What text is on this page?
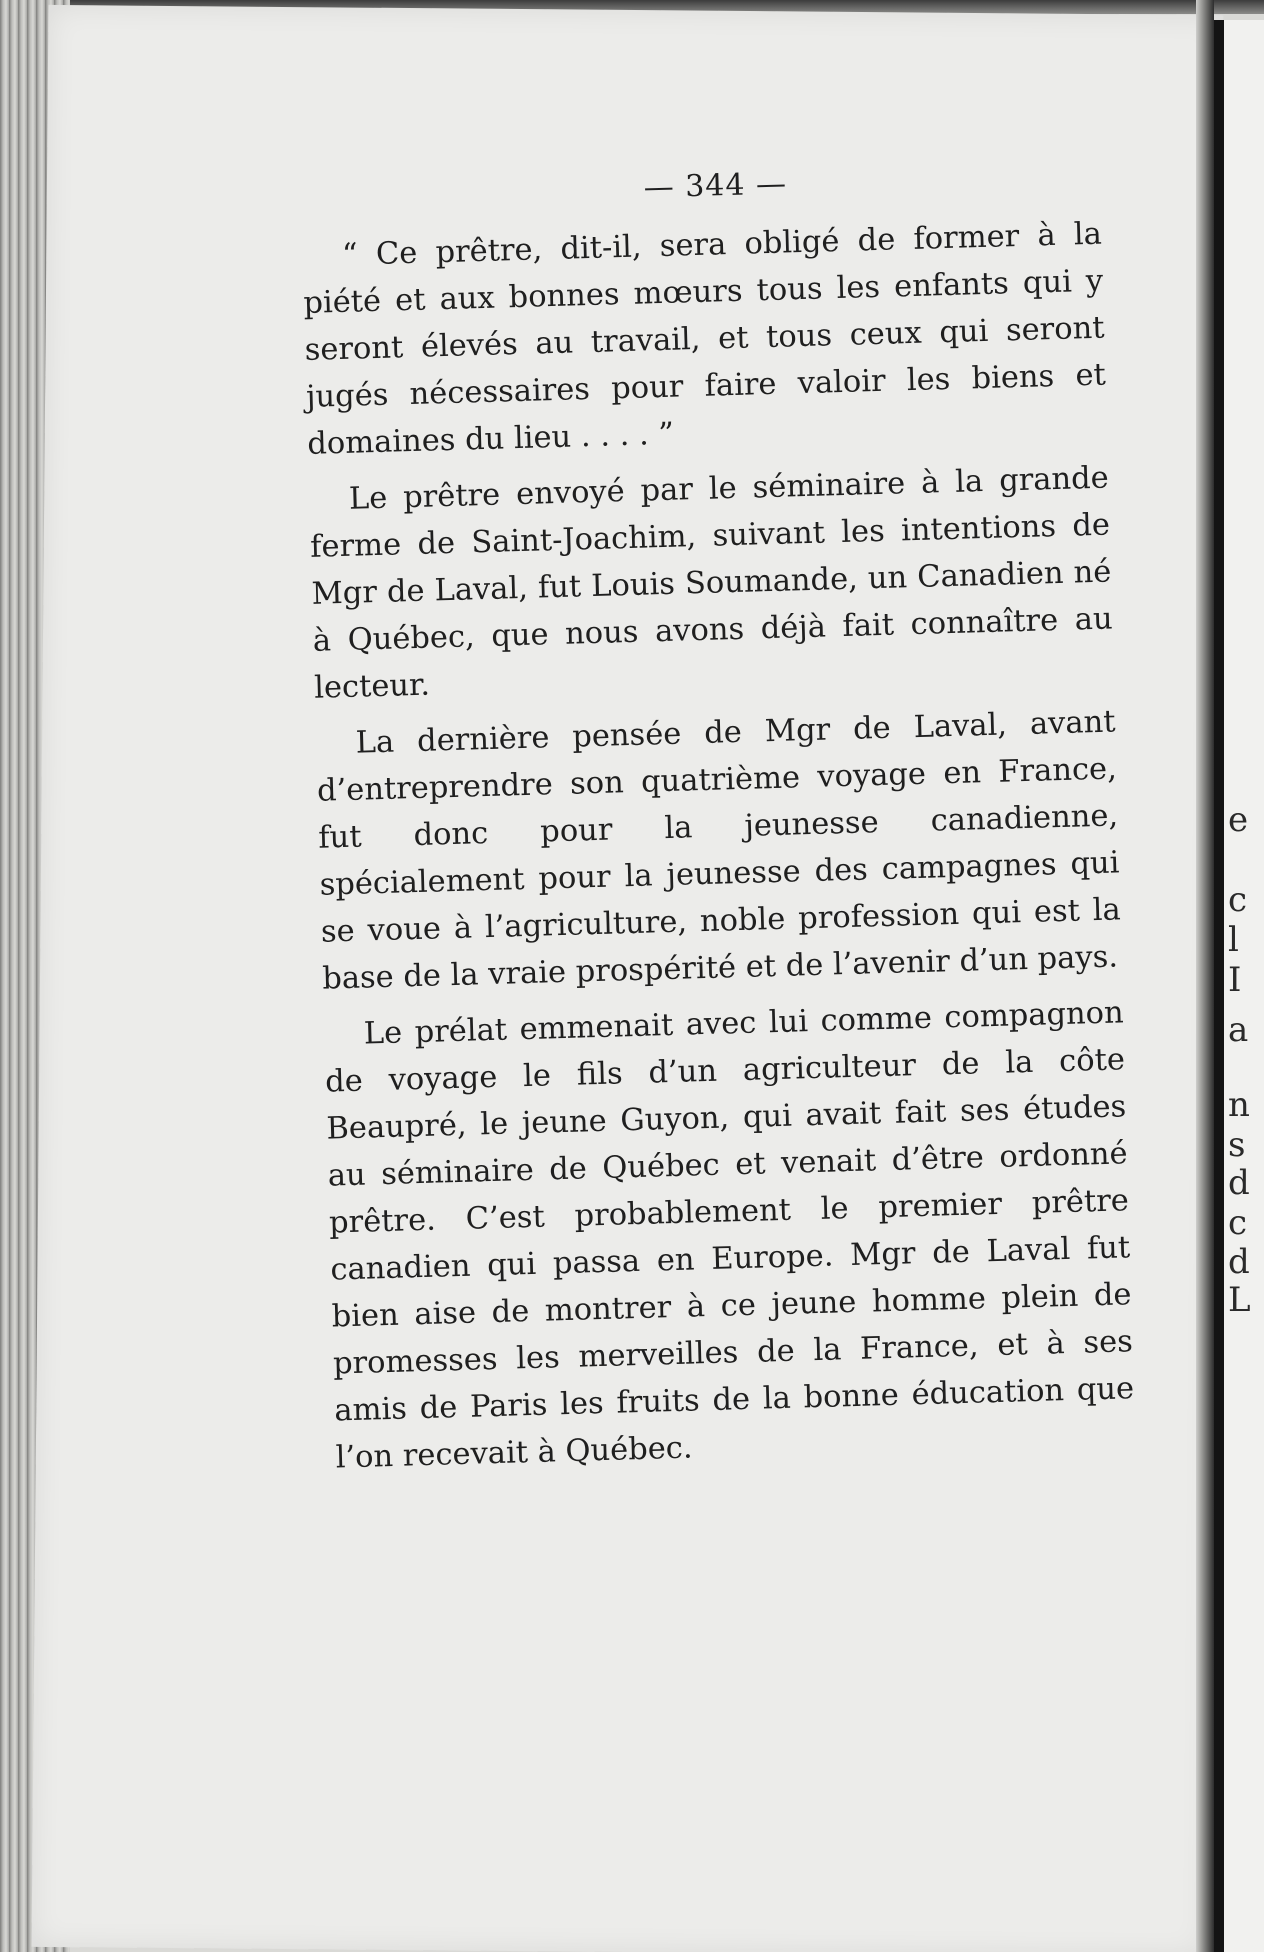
— 344 —

“ Ce prêtre, dit-il, sera obligé de former à la piété et aux bonnes mœurs tous les enfants qui y seront élevés au travail, et tous ceux qui seront jugés nécessaires pour faire valoir les biens et domaines du lieu . . . . ”

Le prêtre envoyé par le séminaire à la grande ferme de Saint-Joachim, suivant les intentions de Mgr de Laval, fut Louis Soumande, un Canadien né à Québec, que nous avons déjà fait connaître au lecteur.

La dernière pensée de Mgr de Laval, avant d’entreprendre son quatrième voyage en France, fut donc pour la jeunesse canadienne, spécialement pour la jeunesse des campagnes qui se voue à l’agriculture, noble profession qui est la base de la vraie prospérité et de l’avenir d’un pays.

Le prélat emmenait avec lui comme compagnon de voyage le fils d’un agriculteur de la côte Beaupré, le jeune Guyon, qui avait fait ses études au séminaire de Québec et venait d’être ordonné prêtre. C’est probablement le premier prêtre canadien qui passa en Europe. Mgr de Laval fut bien aise de montrer à ce jeune homme plein de promesses les merveilles de la France, et à ses amis de Paris les fruits de la bonne éducation que l’on recevait à Québec.

e
c
l
I
a
n
s
d
c
d
L
